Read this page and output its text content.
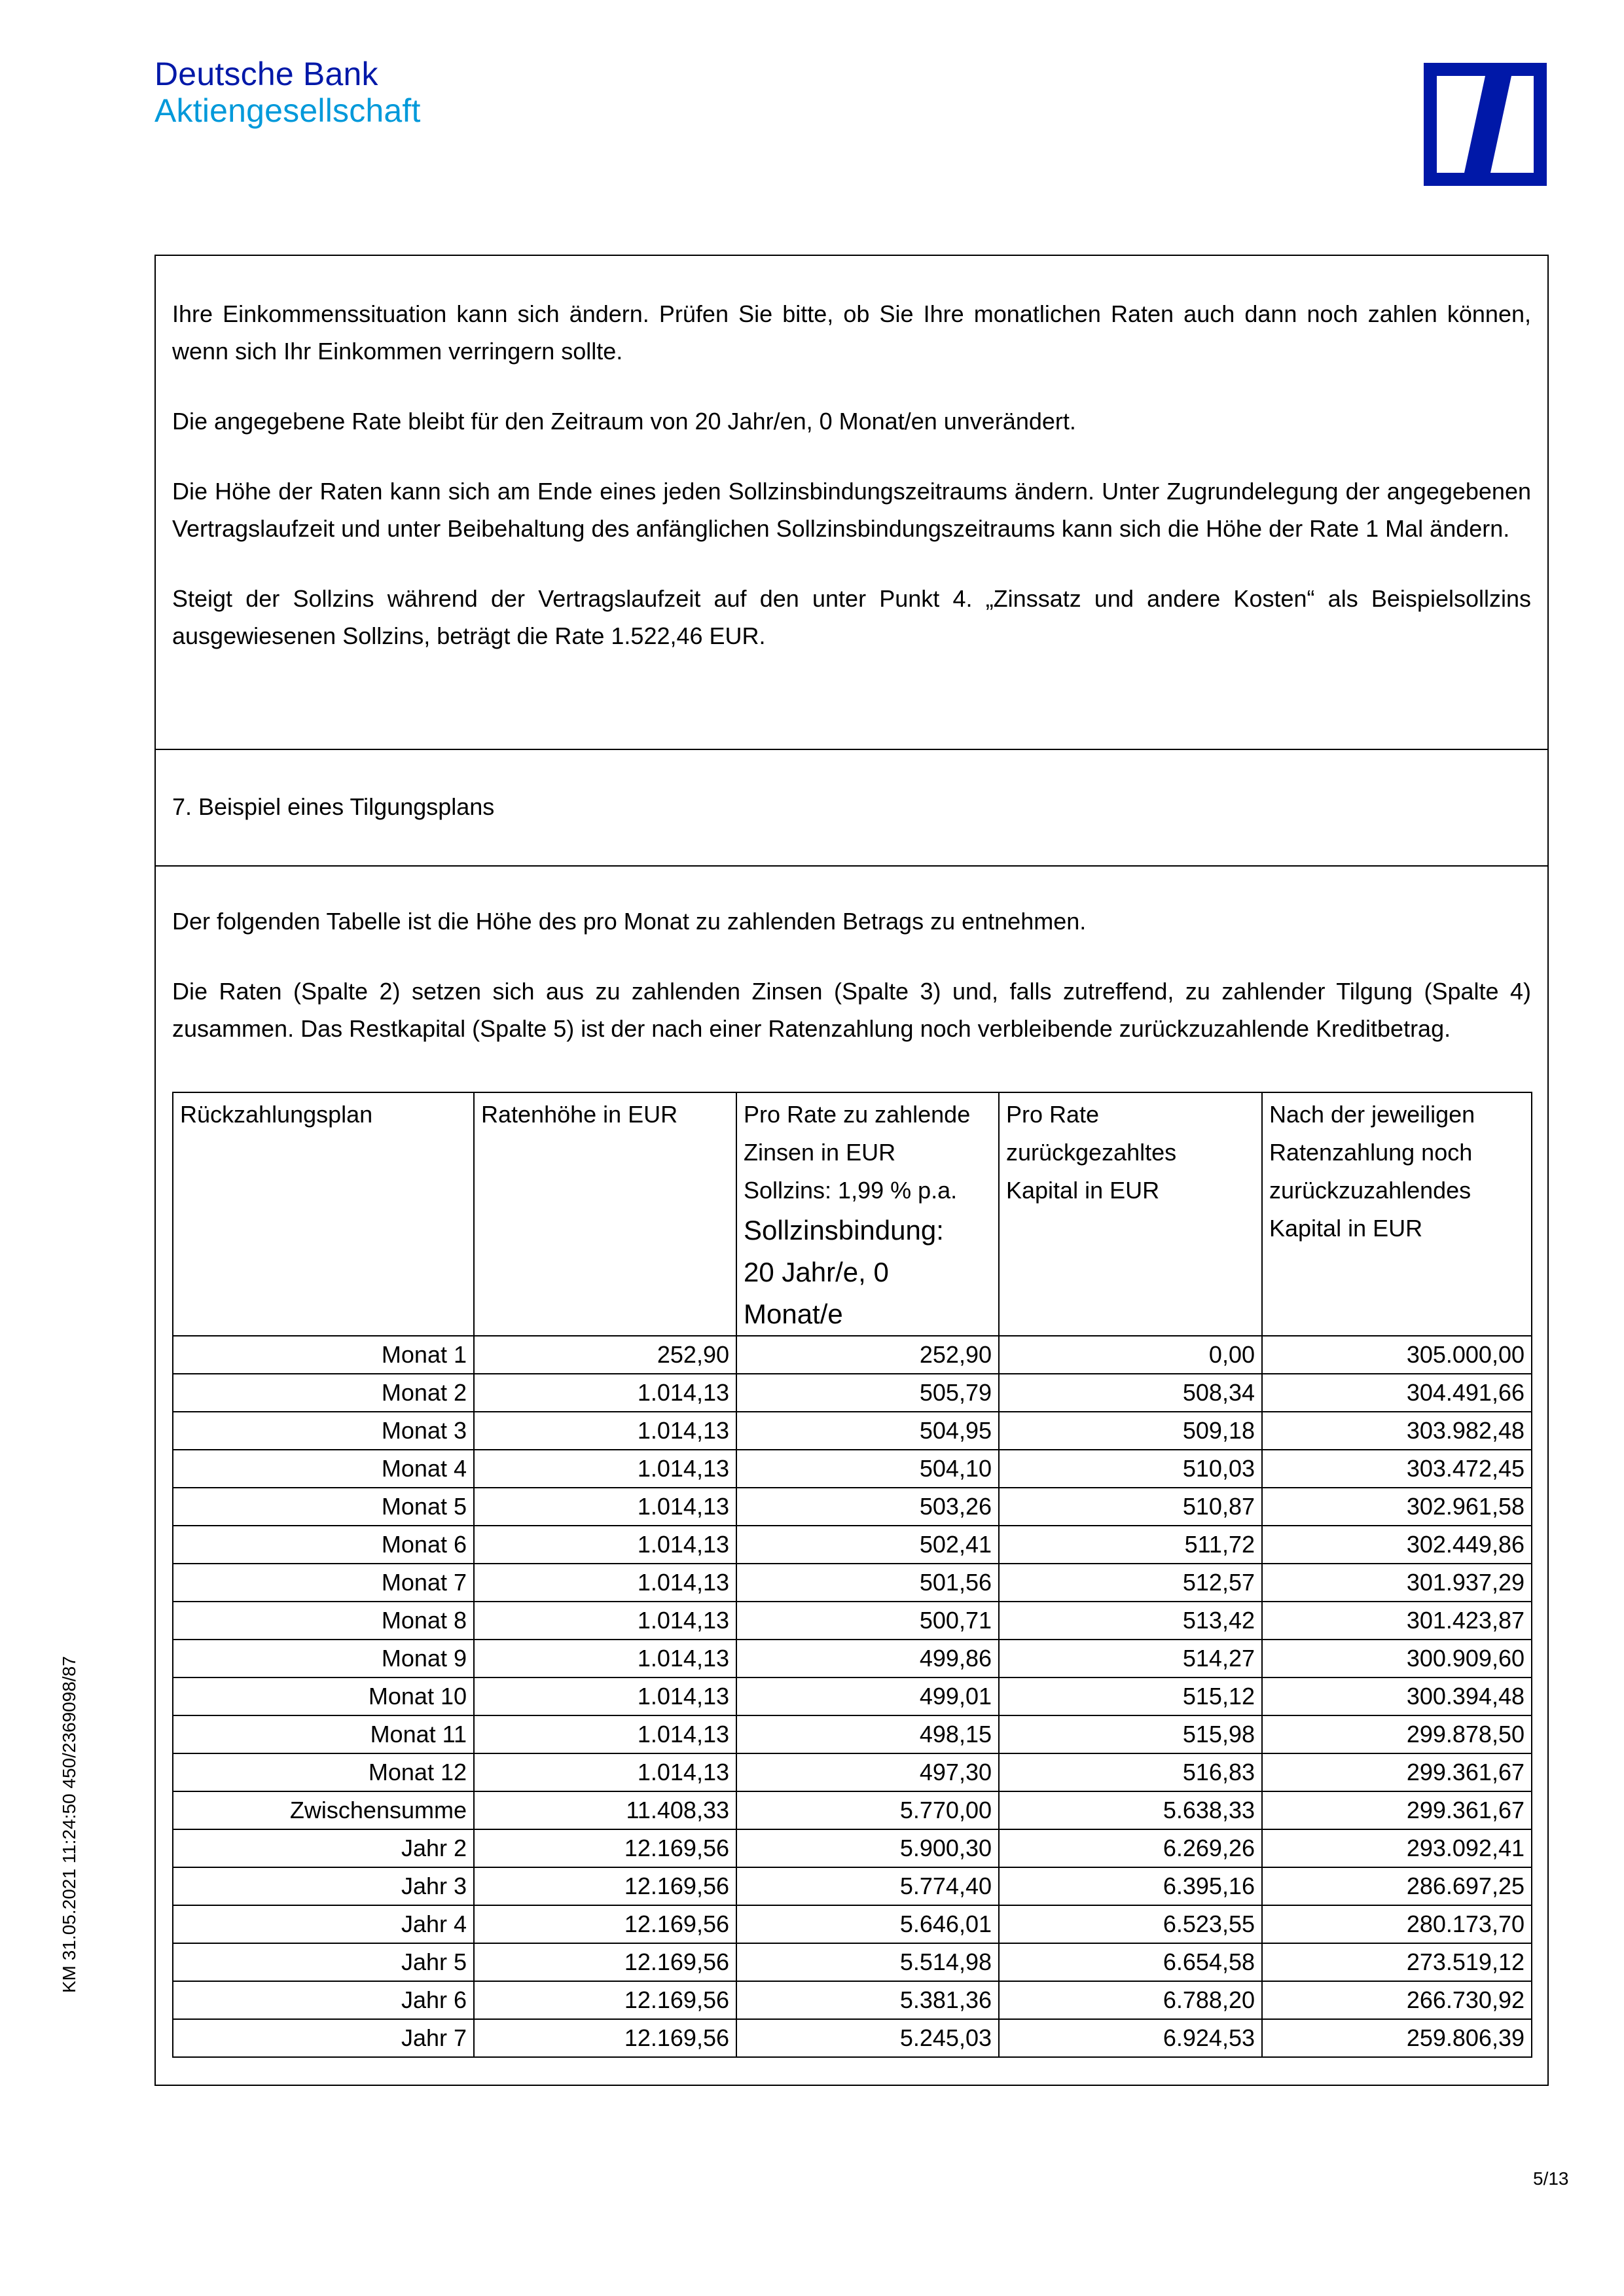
Deutsche Bank
Aktiengesellschaft

Ihre Einkommenssituation kann sich ändern. Prüfen Sie bitte, ob Sie Ihre monatlichen Raten auch dann noch zahlen können, wenn sich Ihr Einkommen verringern sollte.

Die angegebene Rate bleibt für den Zeitraum von 20 Jahr/en, 0 Monat/en unverändert.

Die Höhe der Raten kann sich am Ende eines jeden Sollzinsbindungszeitraums ändern. Unter Zugrundelegung der angegebenen Vertragslaufzeit und unter Beibehaltung des anfänglichen Sollzinsbindungszeitraums kann sich die Höhe der Rate 1 Mal ändern.

Steigt der Sollzins während der Vertragslaufzeit auf den unter Punkt 4. „Zinssatz und andere Kosten“ als Beispielsollzins ausgewiesenen Sollzins, beträgt die Rate 1.522,46 EUR.

7. Beispiel eines Tilgungsplans

Der folgenden Tabelle ist die Höhe des pro Monat zu zahlenden Betrags zu entnehmen.

Die Raten (Spalte 2) setzen sich aus zu zahlenden Zinsen (Spalte 3) und, falls zutreffend, zu zahlender Tilgung (Spalte 4) zusammen. Das Restkapital (Spalte 5) ist der nach einer Ratenzahlung noch verbleibende zurückzuzahlende Kreditbetrag.

Rückzahlungsplan	Ratenhöhe in EUR	Pro Rate zu zahlende Zinsen in EUR
Sollzins: 1,99 % p.a.
Sollzinsbindung:
20 Jahr/e, 0 Monat/e	Pro Rate zurückgezahltes Kapital in EUR	Nach der jeweiligen Ratenzahlung noch zurückzuzahlendes Kapital in EUR
Monat 1	252,90	252,90	0,00	305.000,00
Monat 2	1.014,13	505,79	508,34	304.491,66
Monat 3	1.014,13	504,95	509,18	303.982,48
Monat 4	1.014,13	504,10	510,03	303.472,45
Monat 5	1.014,13	503,26	510,87	302.961,58
Monat 6	1.014,13	502,41	511,72	302.449,86
Monat 7	1.014,13	501,56	512,57	301.937,29
Monat 8	1.014,13	500,71	513,42	301.423,87
Monat 9	1.014,13	499,86	514,27	300.909,60
Monat 10	1.014,13	499,01	515,12	300.394,48
Monat 11	1.014,13	498,15	515,98	299.878,50
Monat 12	1.014,13	497,30	516,83	299.361,67
Zwischensumme	11.408,33	5.770,00	5.638,33	299.361,67
Jahr 2	12.169,56	5.900,30	6.269,26	293.092,41
Jahr 3	12.169,56	5.774,40	6.395,16	286.697,25
Jahr 4	12.169,56	5.646,01	6.523,55	280.173,70
Jahr 5	12.169,56	5.514,98	6.654,58	273.519,12
Jahr 6	12.169,56	5.381,36	6.788,20	266.730,92
Jahr 7	12.169,56	5.245,03	6.924,53	259.806,39
KM 31.05.2021 11:24:50 450/2369098/87
5/13
